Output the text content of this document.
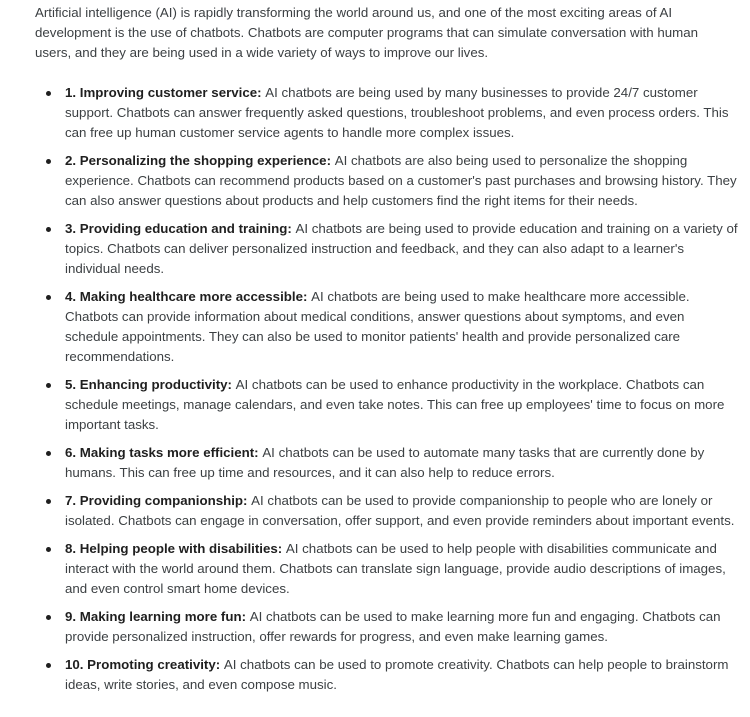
Artificial intelligence (AI) is rapidly transforming the world around us, and one of the most exciting areas of AI development is the use of chatbots. Chatbots are computer programs that can simulate conversation with human users, and they are being used in a wide variety of ways to improve our lives.

1. Improving customer service: AI chatbots are being used by many businesses to provide 24/7 customer support. Chatbots can answer frequently asked questions, troubleshoot problems, and even process orders. This can free up human customer service agents to handle more complex issues.
2. Personalizing the shopping experience: AI chatbots are also being used to personalize the shopping experience. Chatbots can recommend products based on a customer's past purchases and browsing history. They can also answer questions about products and help customers find the right items for their needs.
3. Providing education and training: AI chatbots are being used to provide education and training on a variety of topics. Chatbots can deliver personalized instruction and feedback, and they can also adapt to a learner's individual needs.
4. Making healthcare more accessible: AI chatbots are being used to make healthcare more accessible. Chatbots can provide information about medical conditions, answer questions about symptoms, and even schedule appointments. They can also be used to monitor patients' health and provide personalized care recommendations.
5. Enhancing productivity: AI chatbots can be used to enhance productivity in the workplace. Chatbots can schedule meetings, manage calendars, and even take notes. This can free up employees' time to focus on more important tasks.
6. Making tasks more efficient: AI chatbots can be used to automate many tasks that are currently done by humans. This can free up time and resources, and it can also help to reduce errors.
7. Providing companionship: AI chatbots can be used to provide companionship to people who are lonely or isolated. Chatbots can engage in conversation, offer support, and even provide reminders about important events.
8. Helping people with disabilities: AI chatbots can be used to help people with disabilities communicate and interact with the world around them. Chatbots can translate sign language, provide audio descriptions of images, and even control smart home devices.
9. Making learning more fun: AI chatbots can be used to make learning more fun and engaging. Chatbots can provide personalized instruction, offer rewards for progress, and even make learning games.
10. Promoting creativity: AI chatbots can be used to promote creativity. Chatbots can help people to brainstorm ideas, write stories, and even compose music.
